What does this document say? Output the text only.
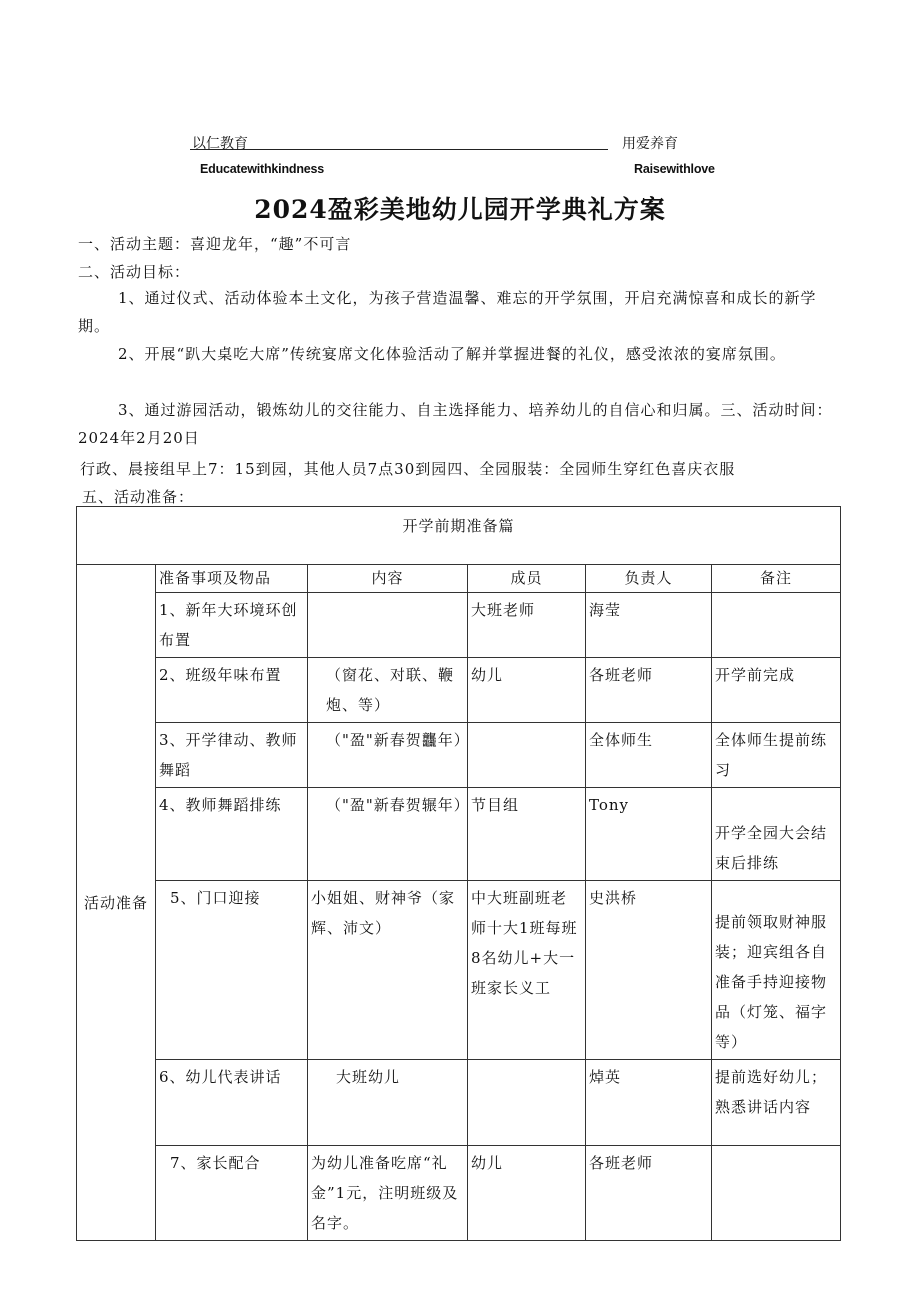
以仁教育	用爱养育
Educatewithkindness	Raisewithlove
2024盈彩美地幼儿园开学典礼方案
一、活动主题：喜迎龙年，“趣”不可言
二、活动目标：
1、通过仪式、活动体验本土文化，为孩子营造温馨、难忘的开学氛围，开启充满惊喜和成长的新学期。
2、开展“趴大桌吃大席”传统宴席文化体验活动了解并掌握进餐的礼仪，感受浓浓的宴席氛围。
3、通过游园活动，锻炼幼儿的交往能力、自主选择能力、培养幼儿的自信心和归属。三、活动时间：2024年2月20日
行政、晨接组早上7：15到园，其他人员7点30到园四、全园服装：全园师生穿红色喜庆衣服
五、活动准备：
开学前期准备篇					
活动准备	准备事项及物品	内容	成员	负责人	备注
	1、新年大环境环创布置		大班老师	海莹	
	2、班级年味布置	（窗花、对联、鞭炮、等）	幼儿	各班老师	开学前完成
	3、开学律动、教师舞蹈	（"盈"新春贺龘年）		全体师生	全体师生提前练习
	4、教师舞蹈排练	（"盈"新春贺辗年）	节目组	Tony	开学全园大会结束后排练
	5、门口迎接	小姐姐、财神爷（家辉、沛文）	中大班副班老师十大1班每班8名幼儿+大一班家长义工	史洪桥	提前领取财神服装；迎宾组各自准备手持迎接物品（灯笼、福字等）
	6、幼儿代表讲话	大班幼儿		焯英	提前选好幼儿；熟悉讲话内容
	7、家长配合	为幼儿准备吃席“礼金”1元，注明班级及名字。	幼儿	各班老师	
